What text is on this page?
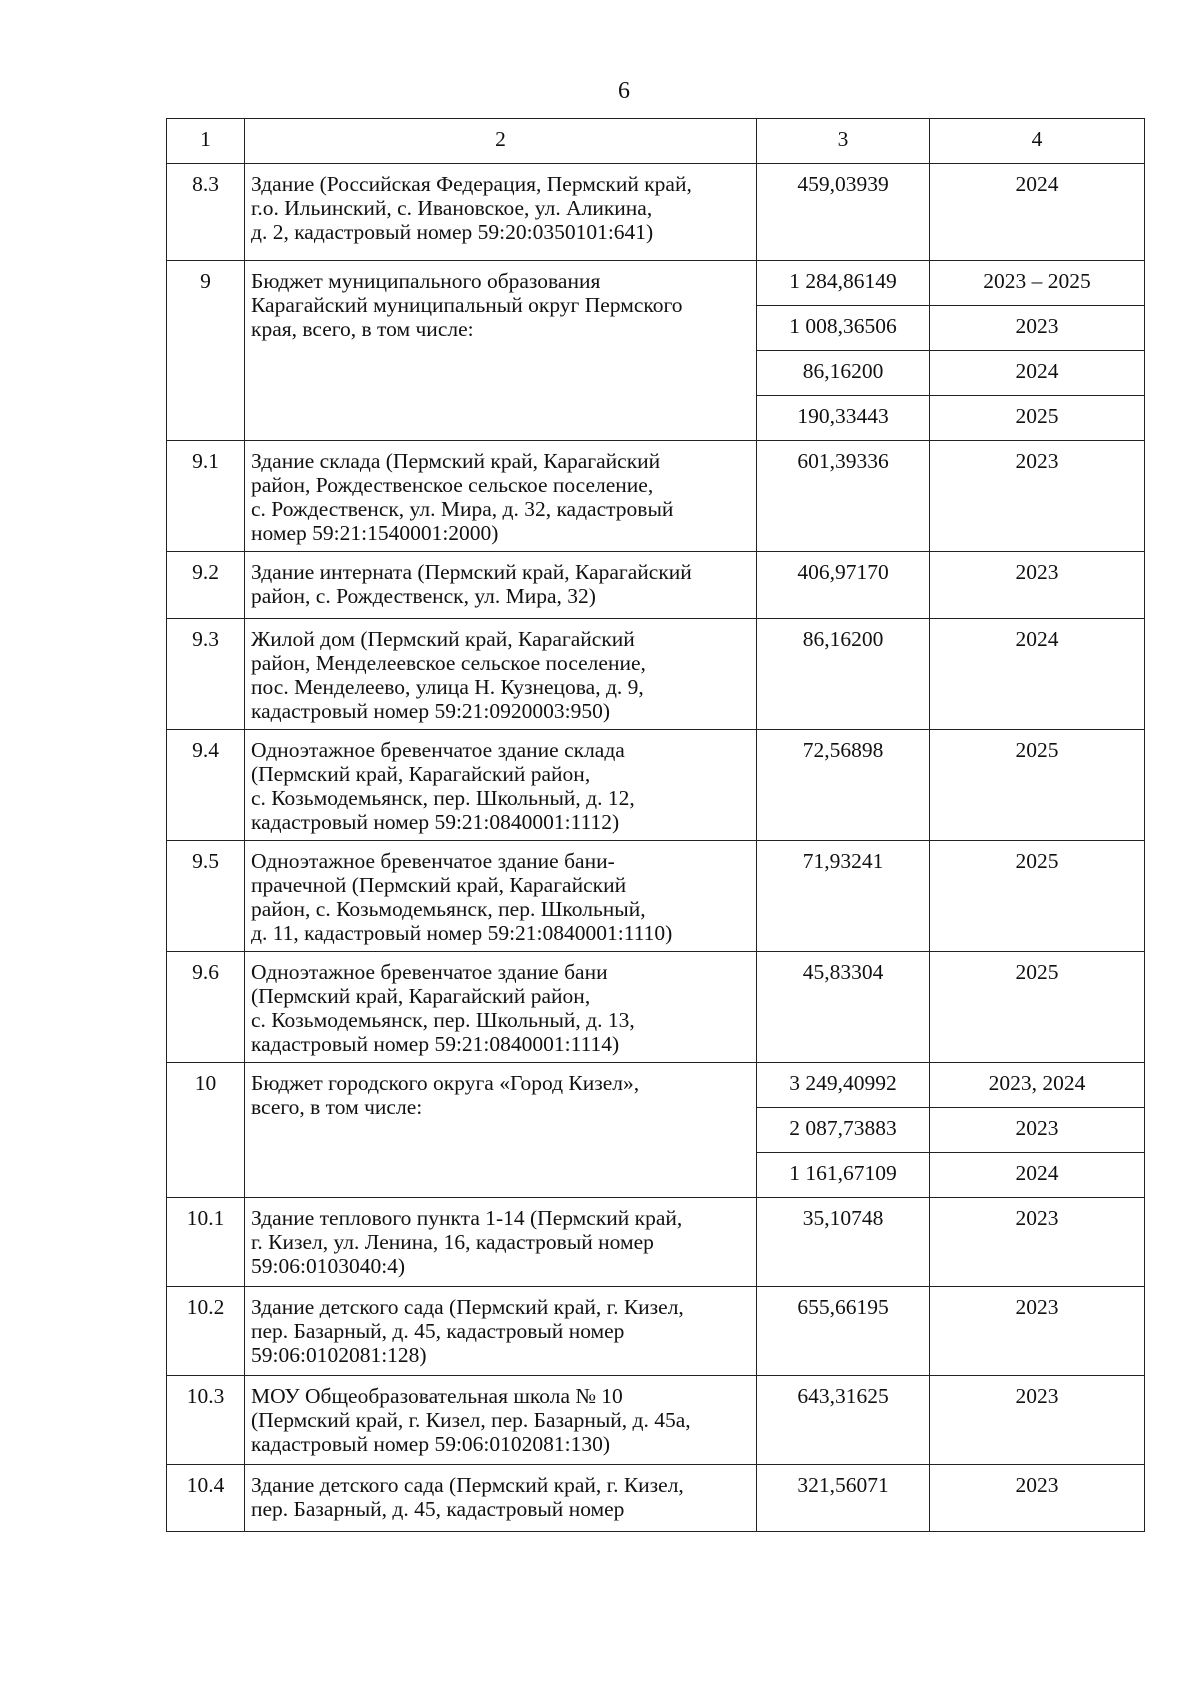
6
1	2	3	4
8.3	Здание (Российская Федерация, Пермский край,
г.о. Ильинский, с. Ивановское, ул. Аликина,
д. 2, кадастровый номер 59:20:0350101:641)	459,03939	2024
9	Бюджет муниципального образования
Карагайский муниципальный округ Пермского
края, всего, в том числе:	1 284,86149	2023 – 2025
		1 008,36506	2023
		86,16200	2024
		190,33443	2025
9.1	Здание склада (Пермский край, Карагайский
район, Рождественское сельское поселение,
с. Рождественск, ул. Мира, д. 32, кадастровый
номер 59:21:1540001:2000)	601,39336	2023
9.2	Здание интерната (Пермский край, Карагайский
район, с. Рождественск, ул. Мира, 32)	406,97170	2023
9.3	Жилой дом (Пермский край, Карагайский
район, Менделеевское сельское поселение,
пос. Менделеево, улица Н. Кузнецова, д. 9,
кадастровый номер 59:21:0920003:950)	86,16200	2024
9.4	Одноэтажное бревенчатое здание склада
(Пермский край, Карагайский район,
с. Козьмодемьянск, пер. Школьный, д. 12,
кадастровый номер 59:21:0840001:1112)	72,56898	2025
9.5	Одноэтажное бревенчатое здание бани-
прачечной (Пермский край, Карагайский
район, с. Козьмодемьянск, пер. Школьный,
д. 11, кадастровый номер 59:21:0840001:1110)	71,93241	2025
9.6	Одноэтажное бревенчатое здание бани
(Пермский край, Карагайский район,
с. Козьмодемьянск, пер. Школьный, д. 13,
кадастровый номер 59:21:0840001:1114)	45,83304	2025
10	Бюджет городского округа «Город Кизел»,
всего, в том числе:	3 249,40992	2023, 2024
		2 087,73883	2023
		1 161,67109	2024
10.1	Здание теплового пункта 1-14 (Пермский край,
г. Кизел, ул. Ленина, 16, кадастровый номер
59:06:0103040:4)	35,10748	2023
10.2	Здание детского сада (Пермский край, г. Кизел,
пер. Базарный, д. 45, кадастровый номер
59:06:0102081:128)	655,66195	2023
10.3	МОУ Общеобразовательная школа № 10
(Пермский край, г. Кизел, пер. Базарный, д. 45а,
кадастровый номер 59:06:0102081:130)	643,31625	2023
10.4	Здание детского сада (Пермский край, г. Кизел,
пер. Базарный, д. 45, кадастровый номер	321,56071	2023
